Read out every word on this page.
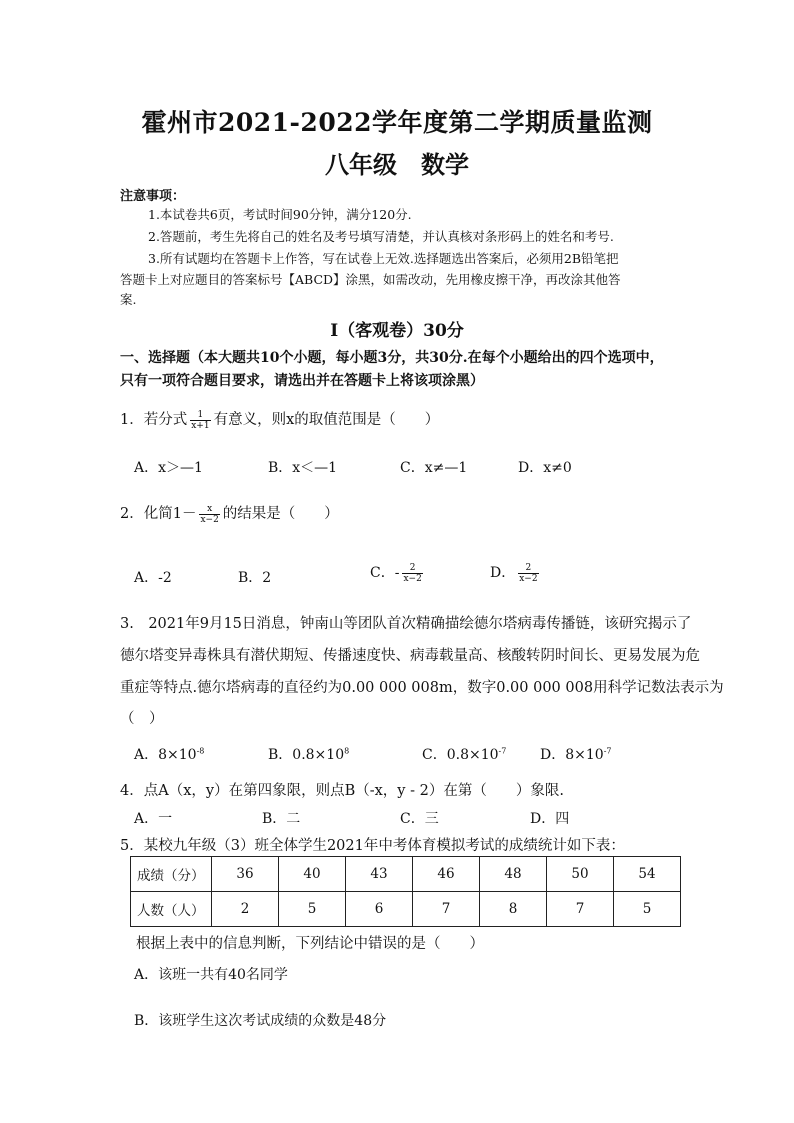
霍州市2021-2022学年度第二学期质量监测
八年级　数学
注意事项：
1.本试卷共6页，考试时间90分钟，满分120分.
2.答题前，考生先将自己的姓名及考号填写清楚，并认真核对条形码上的姓名和考号.
3.所有试题均在答题卡上作答，写在试卷上无效.选择题选出答案后，必须用2B铅笔把
答题卡上对应题目的答案标号【ABCD】涂黑，如需改动，先用橡皮擦干净，再改涂其他答
案.
Ⅰ（客观卷）30分
一、选择题（本大题共10个小题，每小题3分，共30分.在每个小题给出的四个选项中，
只有一项符合题目要求，请选出并在答题卡上将该项涂黑）
1．若分式 $\frac{1}{x+1}$ 有意义，则x的取值范围是（　　）
A．x＞—1	B．x＜—1	C．x≠—1	D．x≠0
2．化简$1- \frac{x}{x-2}$ 的结果是（　　）
A．-2	B．2	C．- $\frac{2}{x-2}$	D． $\frac{2}{x-2}$
3.　2021年9月15日消息，钟南山等团队首次精确描绘德尔塔病毒传播链，该研究揭示了
德尔塔变异毒株具有潜伏期短、传播速度快、病毒载量高、核酸转阴时间长、更易发展为危
重症等特点.德尔塔病毒的直径约为0.00 000 008m，数字0.00 000 008用科学记数法表示为
（　）
A．$8\times 10^{-8}$	B．$0.8\times 10^8$	C．$0.8\times 10^{-7}$ D．$8\times 10^{-7}$
4．点A（x，y）在第四象限，则点B（-x，y - 2）在第（　　）象限.
A．一	B．二	C．三	D．四
5．某校九年级（3）班全体学生2021年中考体育模拟考试的成绩统计如下表：
成绩（分）	36	40	43	46	48	50	54
人数（人）	2	5	6	7	8	7	5
根据上表中的信息判断，下列结论中错误的是（　　）
A．该班一共有40名同学
B．该班学生这次考试成绩的众数是48分
